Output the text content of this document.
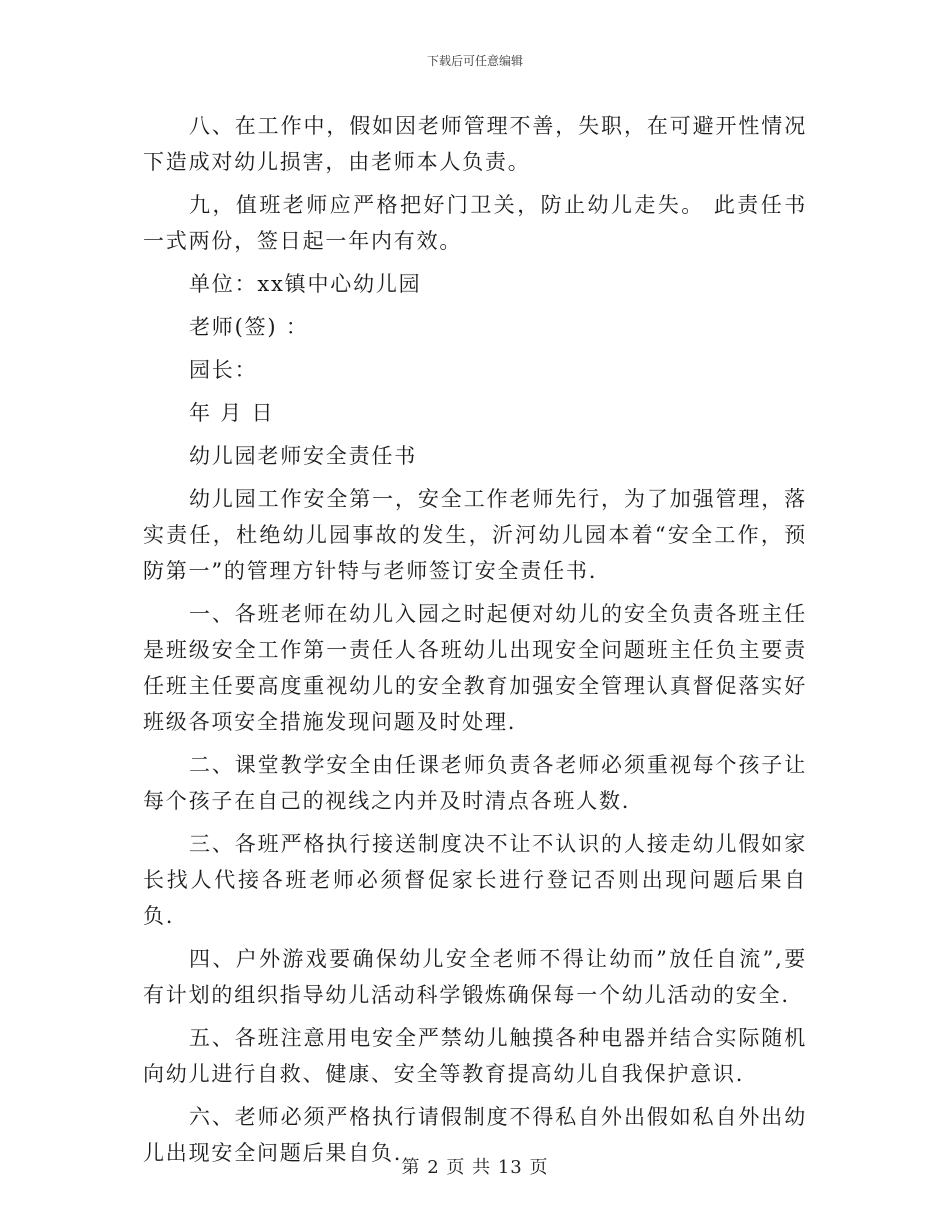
下载后可任意编辑

八、在工作中，假如因老师管理不善，失职，在可避开性情况下造成对幼儿损害，由老师本人负责。

九，值班老师应严格把好门卫关，防止幼儿走失。 此责任书一式两份，签日起一年内有效。

单位：xx镇中心幼儿园

老师(签) ：

园长：

年 月 日

幼儿园老师安全责任书

幼儿园工作安全第一，安全工作老师先行，为了加强管理，落实责任，杜绝幼儿园事故的发生，沂河幼儿园本着“安全工作，预防第一”的管理方针特与老师签订安全责任书.

一、各班老师在幼儿入园之时起便对幼儿的安全负责各班主任是班级安全工作第一责任人各班幼儿出现安全问题班主任负主要责任班主任要高度重视幼儿的安全教育加强安全管理认真督促落实好班级各项安全措施发现问题及时处理.

二、课堂教学安全由任课老师负责各老师必须重视每个孩子让每个孩子在自己的视线之内并及时清点各班人数.

三、各班严格执行接送制度决不让不认识的人接走幼儿假如家长找人代接各班老师必须督促家长进行登记否则出现问题后果自负.

四、户外游戏要确保幼儿安全老师不得让幼而”放任自流”,要有计划的组织指导幼儿活动科学锻炼确保每一个幼儿活动的安全.

五、各班注意用电安全严禁幼儿触摸各种电器并结合实际随机向幼儿进行自救、健康、安全等教育提高幼儿自我保护意识.

六、老师必须严格执行请假制度不得私自外出假如私自外出幼儿出现安全问题后果自负.

第 2 页 共 13 页
